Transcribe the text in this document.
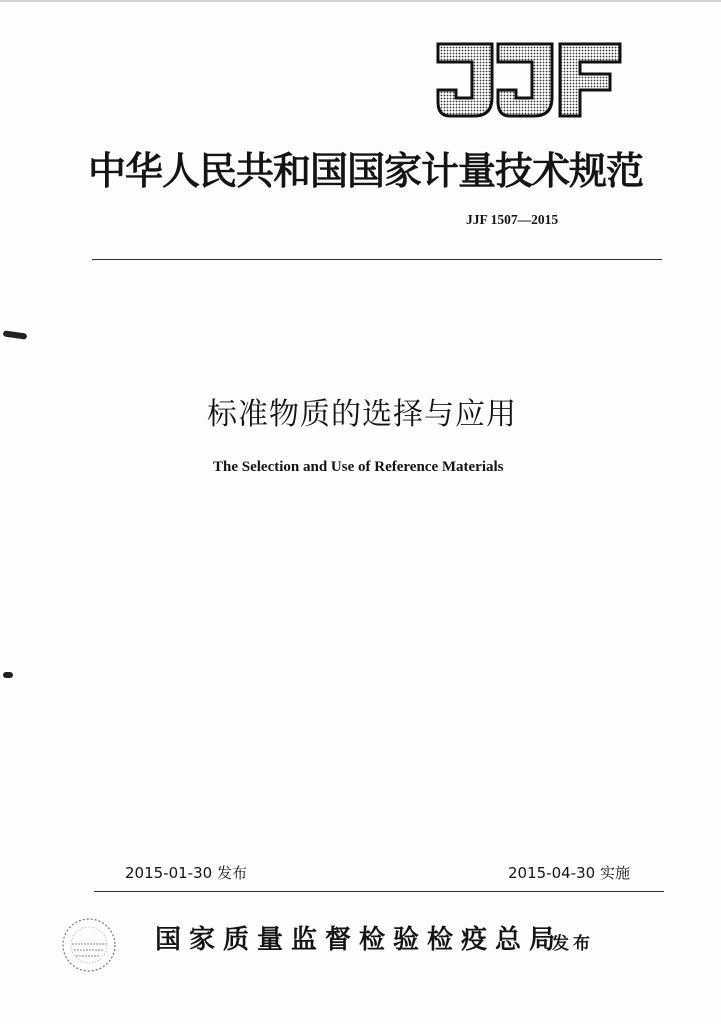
中华人民共和国国家计量技术规范
JJF 1507—2015
标准物质的选择与应用
The Selection and Use of Reference Materials
2015-01-30 发布	2015-04-30 实施
国家质量监督检验检疫总局
发布
